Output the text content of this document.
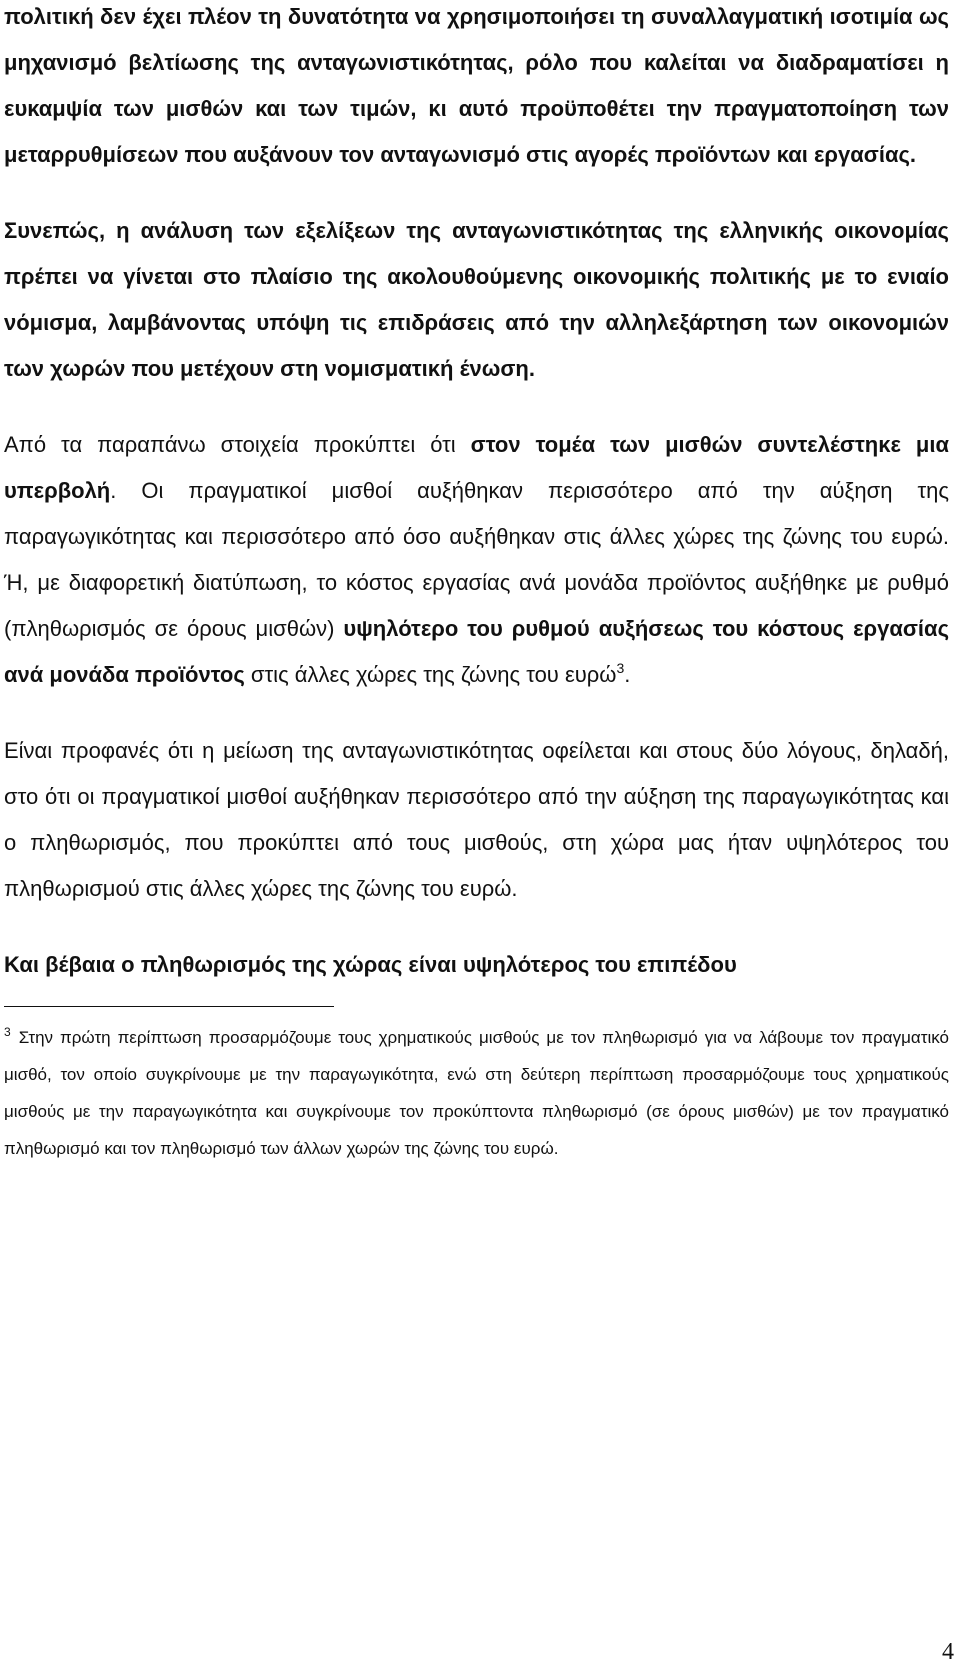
πολιτική δεν έχει πλέον τη δυνατότητα να χρησιμοποιήσει τη συναλλαγματική ισοτιμία ως μηχανισμό βελτίωσης της ανταγωνιστικότητας, ρόλο που καλείται να διαδραματίσει η ευκαμψία των μισθών και των τιμών, κι αυτό προϋποθέτει την πραγματοποίηση των μεταρρυθμίσεων που αυξάνουν τον ανταγωνισμό στις αγορές προϊόντων και εργασίας.

Συνεπώς, η ανάλυση των εξελίξεων της ανταγωνιστικότητας της ελληνικής οικονομίας πρέπει να γίνεται στο πλαίσιο της ακολουθούμενης οικονομικής πολιτικής με το ενιαίο νόμισμα, λαμβάνοντας υπόψη τις επιδράσεις από την αλληλεξάρτηση των οικονομιών των χωρών που μετέχουν στη νομισματική ένωση.

Από τα παραπάνω στοιχεία προκύπτει ότι στον τομέα των μισθών συντελέστηκε μια υπερβολή. Οι πραγματικοί μισθοί αυξήθηκαν περισσότερο από την αύξηση της παραγωγικότητας και περισσότερο από όσο αυξήθηκαν στις άλλες χώρες της ζώνης του ευρώ. Ή, με διαφορετική διατύπωση, το κόστος εργασίας ανά μονάδα προϊόντος αυξήθηκε με ρυθμό (πληθωρισμός σε όρους μισθών) υψηλότερο του ρυθμού αυξήσεως του κόστους εργασίας ανά μονάδα προϊόντος στις άλλες χώρες της ζώνης του ευρώ$^3$.

Είναι προφανές ότι η μείωση της ανταγωνιστικότητας οφείλεται και στους δύο λόγους, δηλαδή, στο ότι οι πραγματικοί μισθοί αυξήθηκαν περισσότερο από την αύξηση της παραγωγικότητας και ο πληθωρισμός, που προκύπτει από τους μισθούς, στη χώρα μας ήταν υψηλότερος του πληθωρισμού στις άλλες χώρες της ζώνης του ευρώ.

Και βέβαια ο πληθωρισμός της χώρας είναι υψηλότερος του επιπέδου

$^3$ Στην πρώτη περίπτωση προσαρμόζουμε τους χρηματικούς μισθούς με τον πληθωρισμό για να λάβουμε τον πραγματικό μισθό, τον οποίο συγκρίνουμε με την παραγωγικότητα, ενώ στη δεύτερη περίπτωση προσαρμόζουμε τους χρηματικούς μισθούς με την παραγωγικότητα και συγκρίνουμε τον προκύπτοντα πληθωρισμό (σε όρους μισθών) με τον πραγματικό πληθωρισμό και τον πληθωρισμό των άλλων χωρών της ζώνης του ευρώ.

4
